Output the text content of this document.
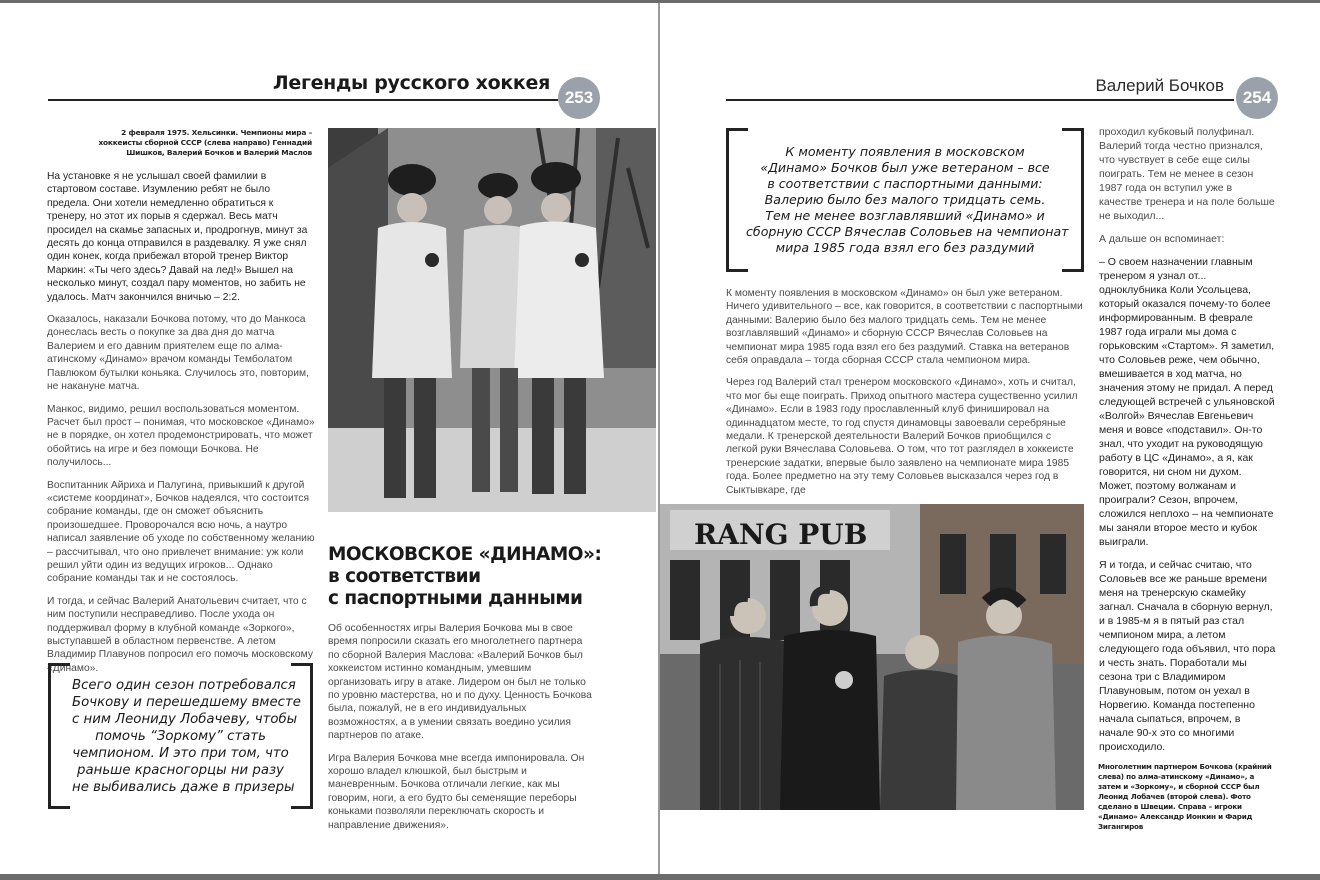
Легенды русского хоккея
253
2 февраля 1975. Хельсинки. Чемпионы мира – хоккеисты сборной СССР (слева направо) Геннадий Шишков, Валерий Бочков и Валерий Маслов

На установке я не услышал своей фамилии в стартовом составе. Изумлению ребят не было предела. Они хотели немедленно обратиться к тренеру, но этот их порыв я сдержал. Весь матч просидел на скамье запасных и, продрогнув, минут за десять до конца отправился в раздевалку. Я уже снял один конек, когда прибежал второй тренер Виктор Маркин: «Ты чего здесь? Давай на лед!» Вышел на несколько минут, создал пару моментов, но забить не удалось. Матч закончился вничью – 2:2.

Оказалось, наказали Бочкова потому, что до Манкоса донеслась весть о покупке за два дня до матча Валерием и его давним приятелем еще по алма-атинскому «Динамо» врачом команды Темболатом Павлюком бутылки коньяка. Случилось это, повторим, не накануне матча.

Манкос, видимо, решил воспользоваться моментом. Расчет был прост – понимая, что московское «Динамо» не в порядке, он хотел продемонстрировать, что может обойтись на игре и без помощи Бочкова. Не получилось...

Воспитанник Айриха и Палугина, привыкший к другой «системе координат», Бочков надеялся, что состоится собрание команды, где он сможет объяснить произошедшее. Проворочался всю ночь, а наутро написал заявление об уходе по собственному желанию – рассчитывал, что оно привлечет внимание: уж коли решил уйти один из ведущих игроков... Однако собрание команды так и не состоялось.

И тогда, и сейчас Валерий Анатольевич считает, что с ним поступили несправедливо. После ухода он поддерживал форму в клубной команде «Зоркого», выступавшей в областном первенстве. А летом Владимир Плавунов попросил его помочь московскому «Динамо».

Всего один сезон потребовался
Бочкову и перешедшему вместе
с ним Леониду Лобачеву, чтобы
помочь “Зоркому” стать
чемпионом. И это при том, что
раньше красногорцы ни разу
не выбивались даже в призеры
МОСКОВСКОЕ «ДИНАМО»:
в соответствии
с паспортными данными

Об особенностях игры Валерия Бочкова мы в свое время попросили сказать его многолетнего партнера по сборной Валерия Маслова: «Валерий Бочков был хоккеистом истинно командным, умевшим организовать игру в атаке. Лидером он был не только по уровню мастерства, но и по духу. Ценность Бочкова была, пожалуй, не в его индивидуальных возможностях, а в умении связать воедино усилия партнеров по атаке.

Игра Валерия Бочкова мне всегда импонировала. Он хорошо владел клюшкой, был быстрым и маневренным. Бочкова отличали легкие, как мы говорим, ноги, а его будто бы семенящие переборы коньками позволяли переключать скорость и направление движения».

Валерий Бочков
254
К моменту появления в московском
«Динамо» Бочков был уже ветераном – все
в соответствии с паспортными данными:
Валерию было без малого тридцать семь.
Тем не менее возглавлявший «Динамо» и
сборную СССР Вячеслав Соловьев на чемпионат
мира 1985 года взял его без раздумий

К моменту появления в московском «Динамо» он был уже ветераном. Ничего удивительного – все, как говорится, в соответствии с паспортными данными: Валерию было без малого тридцать семь. Тем не менее возглавлявший «Динамо» и сборную СССР Вячеслав Соловьев на чемпионат мира 1985 года взял его без раздумий. Ставка на ветеранов себя оправдала – тогда сборная СССР стала чемпионом мира.

Через год Валерий стал тренером московского «Динамо», хоть и считал, что мог бы еще поиграть. Приход опытного мастера существенно усилил «Динамо». Если в 1983 году прославленный клуб финишировал на одиннадцатом месте, то год спустя динамовцы завоевали серебряные медали. К тренерской деятельности Валерий Бочков приобщился с легкой руки Вячеслава Соловьева. О том, что тот разглядел в хоккеисте тренерские задатки, впервые было заявлено на чемпионате мира 1985 года. Более предметно на эту тему Соловьев высказался через год в Сыктывкаре, где

проходил кубковый полуфинал. Валерий тогда честно признался, что чувствует в себе еще силы поиграть. Тем не менее в сезон 1987 года он вступил уже в качестве тренера и на поле больше не выходил...

А дальше он вспоминает:

– О своем назначении главным тренером я узнал от... одноклубника Коли Усольцева, который оказался почему-то более информированным. В феврале 1987 года играли мы дома с горьковским «Стартом». Я заметил, что Соловьев реже, чем обычно, вмешивается в ход матча, но значения этому не придал. А перед следующей встречей с ульяновской «Волгой» Вячеслав Евгеньевич меня и вовсе «подставил». Он-то знал, что уходит на руководящую работу в ЦС «Динамо», а я, как говорится, ни сном ни духом. Может, поэтому волжанам и проиграли? Сезон, впрочем, сложился неплохо – на чемпионате мы заняли второе место и кубок выиграли.

Я и тогда, и сейчас считаю, что Соловьев все же раньше времени меня на тренерскую скамейку загнал. Сначала в сборную вернул, и в 1985-м я в пятый раз стал чемпионом мира, а летом следующего года объявил, что пора и честь знать. Поработали мы сезона три с Владимиром Плавуновым, потом он уехал в Норвегию. Команда постепенно начала сыпаться, впрочем, в начале 90-х это со многими происходило.

RANG PUB
Многолетним партнером Бочкова (крайний слева) по алма-атинскому «Динамо», а затем и «Зоркому», и сборной СССР был Леонид Лобачев (второй слева). Фото сделано в Швеции. Справа – игроки «Динамо» Александр Ионкин и Фарид Зигангиров
